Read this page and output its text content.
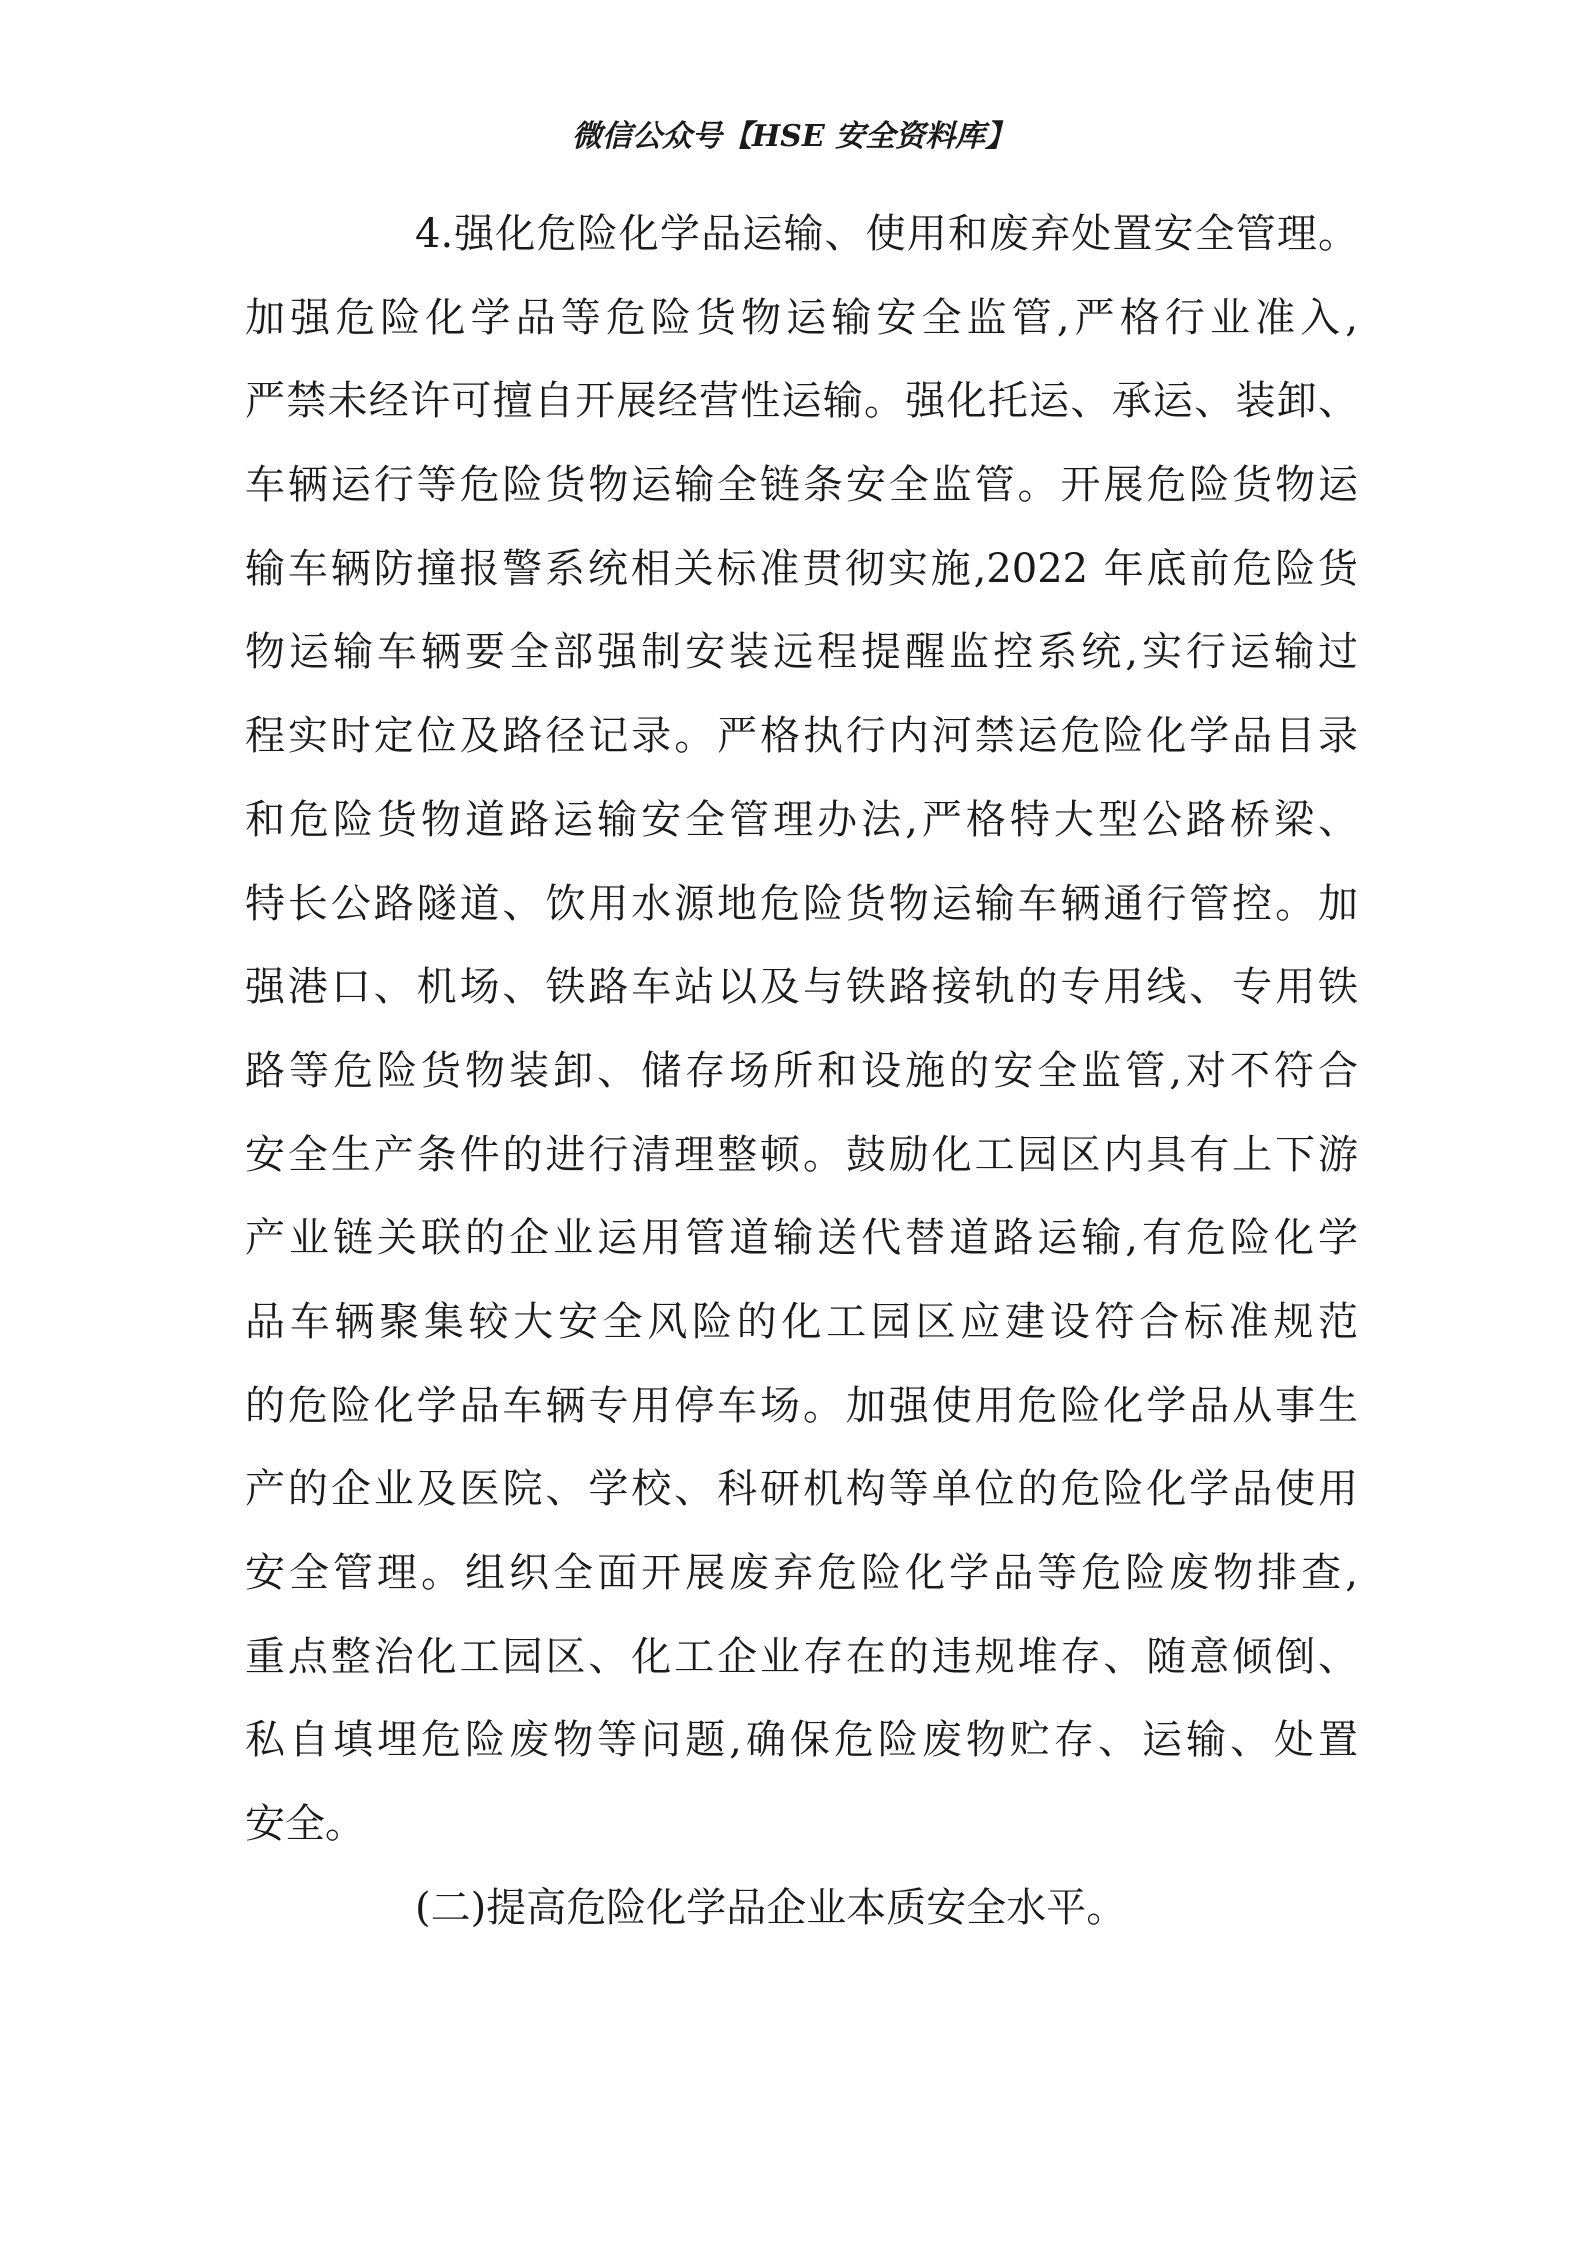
微信公众号【HSE 安全资料库】
4.强化危险化学品运输、使用和废弃处置安全管理。
加强危险化学品等危险货物运输安全监管,严格行业准入,
严禁未经许可擅自开展经营性运输。强化托运、承运、装卸、
车辆运行等危险货物运输全链条安全监管。开展危险货物运
输车辆防撞报警系统相关标准贯彻实施,2022 年底前危险货
物运输车辆要全部强制安装远程提醒监控系统,实行运输过
程实时定位及路径记录。严格执行内河禁运危险化学品目录
和危险货物道路运输安全管理办法,严格特大型公路桥梁、
特长公路隧道、饮用水源地危险货物运输车辆通行管控。加
强港口、机场、铁路车站以及与铁路接轨的专用线、专用铁
路等危险货物装卸、储存场所和设施的安全监管,对不符合
安全生产条件的进行清理整顿。鼓励化工园区内具有上下游
产业链关联的企业运用管道输送代替道路运输,有危险化学
品车辆聚集较大安全风险的化工园区应建设符合标准规范
的危险化学品车辆专用停车场。加强使用危险化学品从事生
产的企业及医院、学校、科研机构等单位的危险化学品使用
安全管理。组织全面开展废弃危险化学品等危险废物排查,
重点整治化工园区、化工企业存在的违规堆存、随意倾倒、
私自填埋危险废物等问题,确保危险废物贮存、运输、处置
安全。
(二)提高危险化学品企业本质安全水平。
